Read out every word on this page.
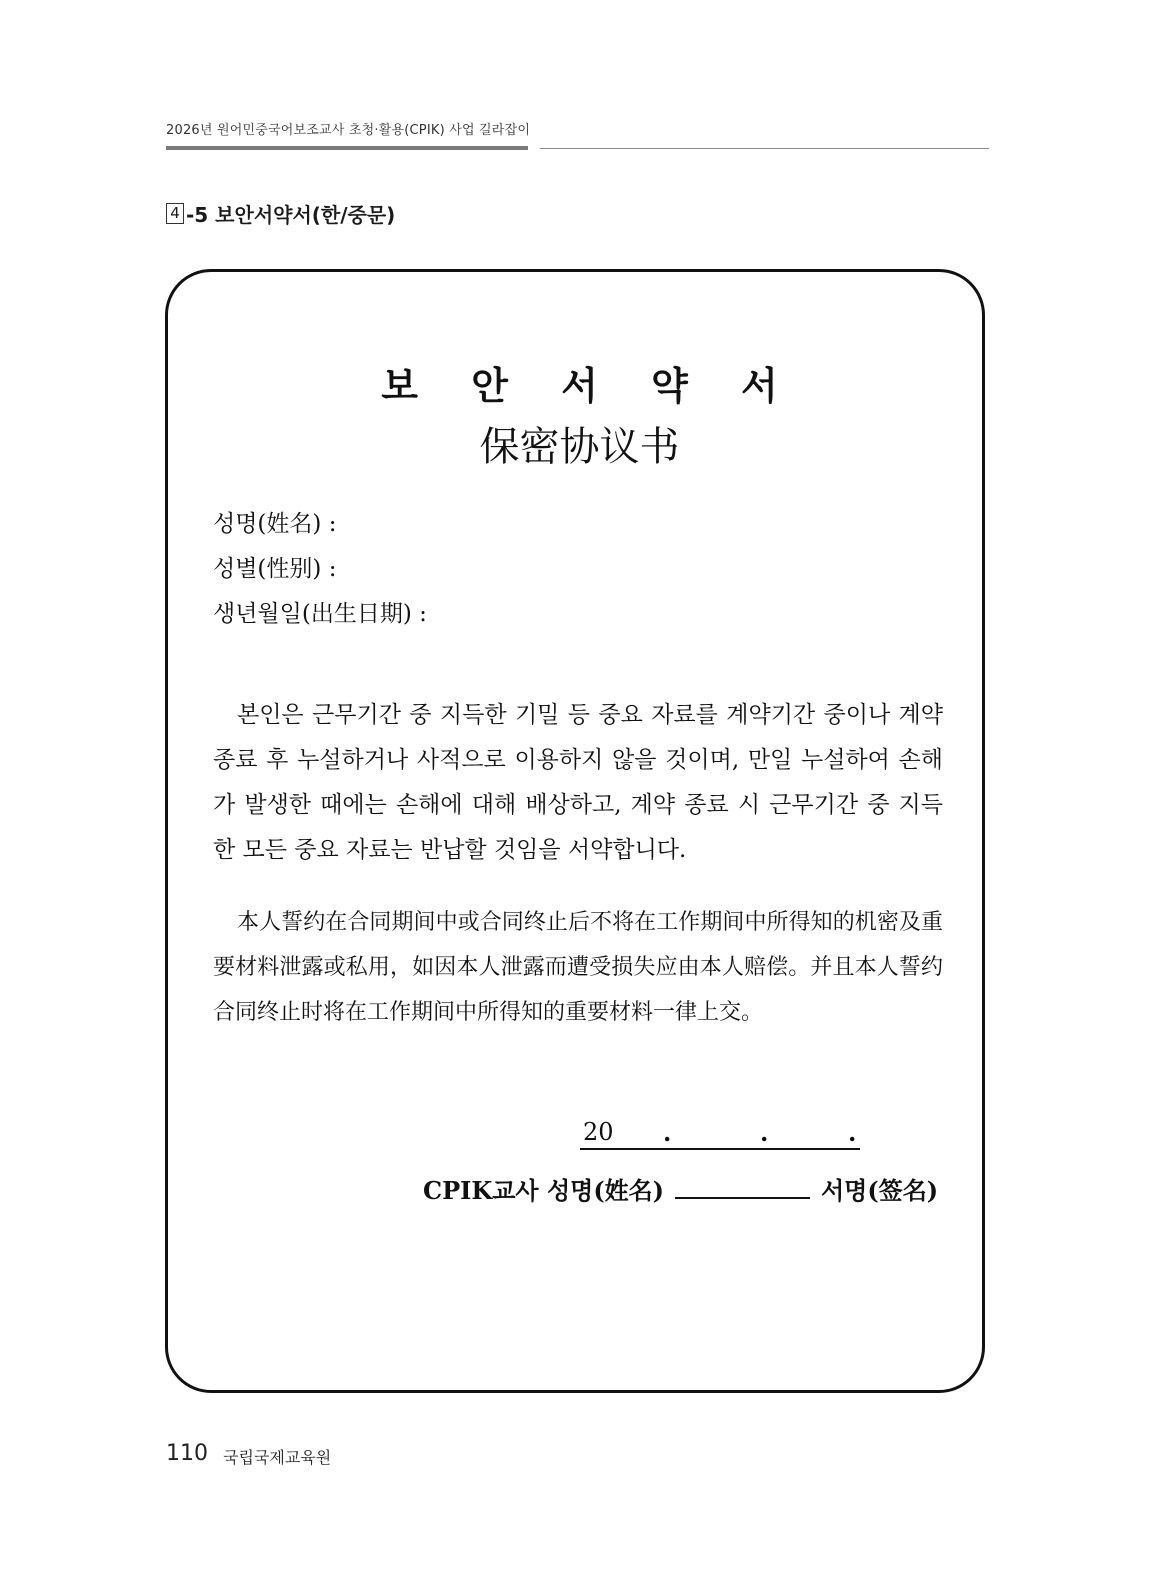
2026년 원어민중국어보조교사 초청·활용(CPIK) 사업 길라잡이
4 -5 보안서약서(한/중문)
보 안 서 약 서
保密协议书
성명(姓名) :
성별(性别) :
생년월일(出生日期) :

본인은 근무기간 중 지득한 기밀 등 중요 자료를 계약기간 중이나 계약 종료 후 누설하거나 사적으로 이용하지 않을 것이며, 만일 누설하여 손해가 발생한 때에는 손해에 대해 배상하고, 계약 종료 시 근무기간 중 지득한 모든 중요 자료는 반납할 것임을 서약합니다.

本人誓约在合同期间中或合同终止后不将在工作期间中所得知的机密及重要材料泄露或私用，如因本人泄露而遭受损失应由本人赔偿。并且本人誓约合同终止时将在工作期间中所得知的重要材料一律上交。

20 .	.	.
CPIK교사 성명(姓名)	서명(签名)
110 국립국제교육원
